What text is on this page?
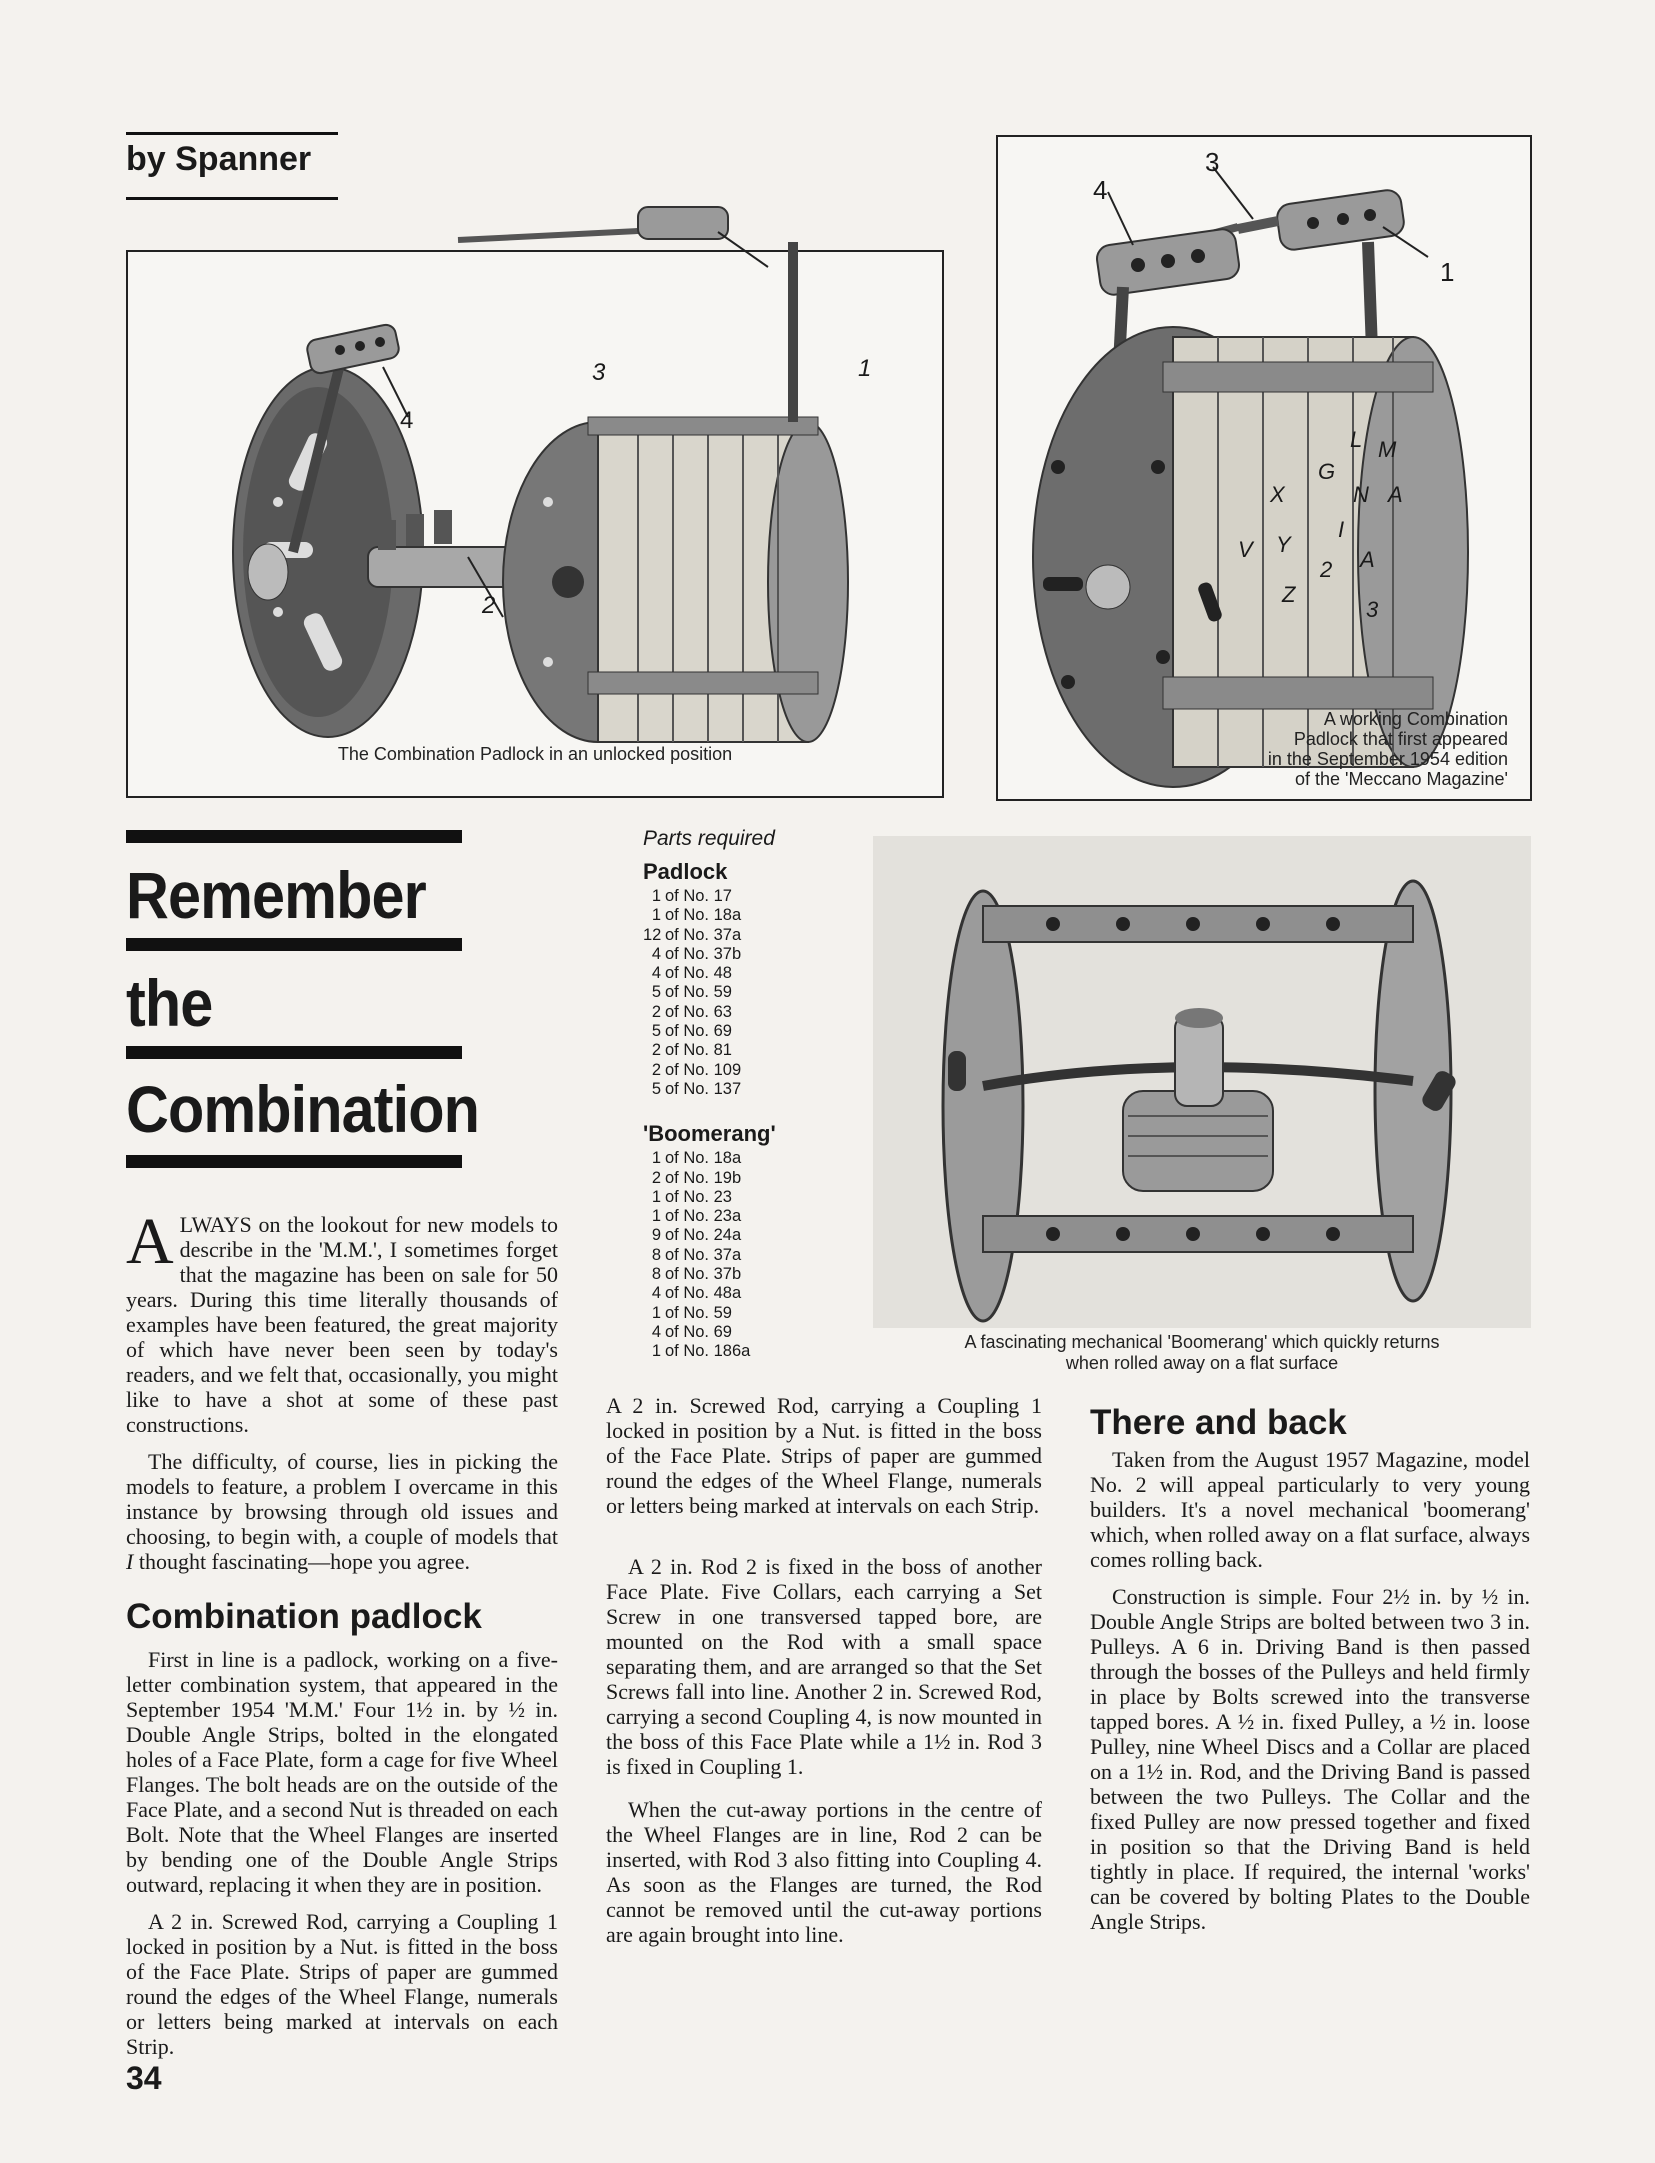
by Spanner
4
3	1
2
The Combination Padlock in an unlocked position
3
4
1
L M
A
G
N
I
X
Y
Z
2 A
3
V
A working Combination
Padlock that first appeared
in the September 1954 edition
of the 'Meccano Magazine'
Remember
the
Combination
Parts required
Padlock
1 of No. 17
1 of No. 18a
12 of No. 37a
4 of No. 37b
4 of No. 48
5 of No. 59
2 of No. 63
5 of No. 69
2 of No. 81
2 of No. 109
5 of No. 137
'Boomerang'
1 of No. 18a
2 of No. 19b
1 of No. 23
1 of No. 23a
9 of No. 24a
8 of No. 37a
8 of No. 37b
4 of No. 48a
1 of No. 59
4 of No. 69
1 of No. 186a	A fascinating mechanical 'Boomerang' which quickly returns
when rolled away on a flat surface

ALWAYS on the lookout for new models to describe in the 'M.M.', I sometimes forget that the magazine has been on sale for 50 years. During this time literally thousands of examples have been featured, the great majority of which have never been seen by today's readers, and we felt that, occasionally, you might like to have a shot at some of these past constructions.

The difficulty, of course, lies in picking the models to feature, a problem I overcame in this instance by browsing through old issues and choosing, to begin with, a couple of models that I thought fascinating—hope you agree.

Combination padlock

First in line is a padlock, working on a five-letter combination system, that appeared in the September 1954 'M.M.' Four 1½ in. by ½ in. Double Angle Strips, bolted in the elongated holes of a Face Plate, form a cage for five Wheel Flanges. The bolt heads are on the outside of the Face Plate, and a second Nut is threaded on each Bolt. Note that the Wheel Flanges are inserted by bending one of the Double Angle Strips outward, replacing it when they are in position.

A 2 in. Screwed Rod, carrying a Coupling 1 locked in position by a Nut. is fitted in the boss of the Face Plate. Strips of paper are gummed round the edges of the Wheel Flange, numerals or letters being marked at intervals on each Strip.

A 2 in. Screwed Rod, carrying a Coupling 1 locked in position by a Nut. is fitted in the boss of the Face Plate. Strips of paper are gummed round the edges of the Wheel Flange, numerals or letters being marked at intervals on each Strip.

A 2 in. Rod 2 is fixed in the boss of another Face Plate. Five Collars, each carrying a Set Screw in one transversed tapped bore, are mounted on the Rod with a small space separating them, and are arranged so that the Set Screws fall into line. Another 2 in. Screwed Rod, carrying a second Coupling 4, is now mounted in the boss of this Face Plate while a 1½ in. Rod 3 is fixed in Coupling 1.

When the cut-away portions in the centre of the Wheel Flanges are in line, Rod 2 can be inserted, with Rod 3 also fitting into Coupling 4. As soon as the Flanges are turned, the Rod cannot be removed until the cut-away portions are again brought into line.

There and back

Taken from the August 1957 Magazine, model No. 2 will appeal particularly to very young builders. It's a novel mechanical 'boomerang' which, when rolled away on a flat surface, always comes rolling back.

Construction is simple. Four 2½ in. by ½ in. Double Angle Strips are bolted between two 3 in. Pulleys. A 6 in. Driving Band is then passed through the bosses of the Pulleys and held firmly in place by Bolts screwed into the transverse tapped bores. A ½ in. fixed Pulley, a ½ in. loose Pulley, nine Wheel Discs and a Collar are placed on a 1½ in. Rod, and the Driving Band is passed between the two Pulleys. The Collar and the fixed Pulley are now pressed together and fixed in position so that the Driving Band is held tightly in place. If required, the internal 'works' can be covered by bolting Plates to the Double Angle Strips.

34
